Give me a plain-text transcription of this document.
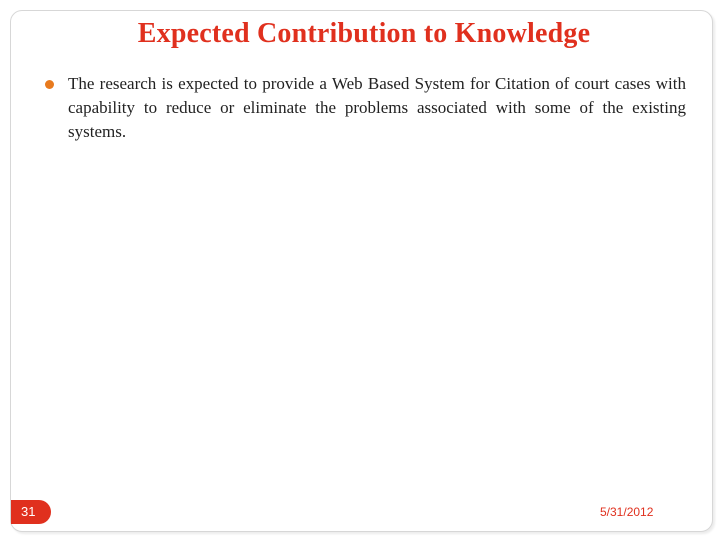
Expected Contribution to Knowledge
The research is expected to provide a Web Based System for Citation of court cases with capability to reduce or eliminate the problems associated with some of the existing systems.
31	5/31/2012
